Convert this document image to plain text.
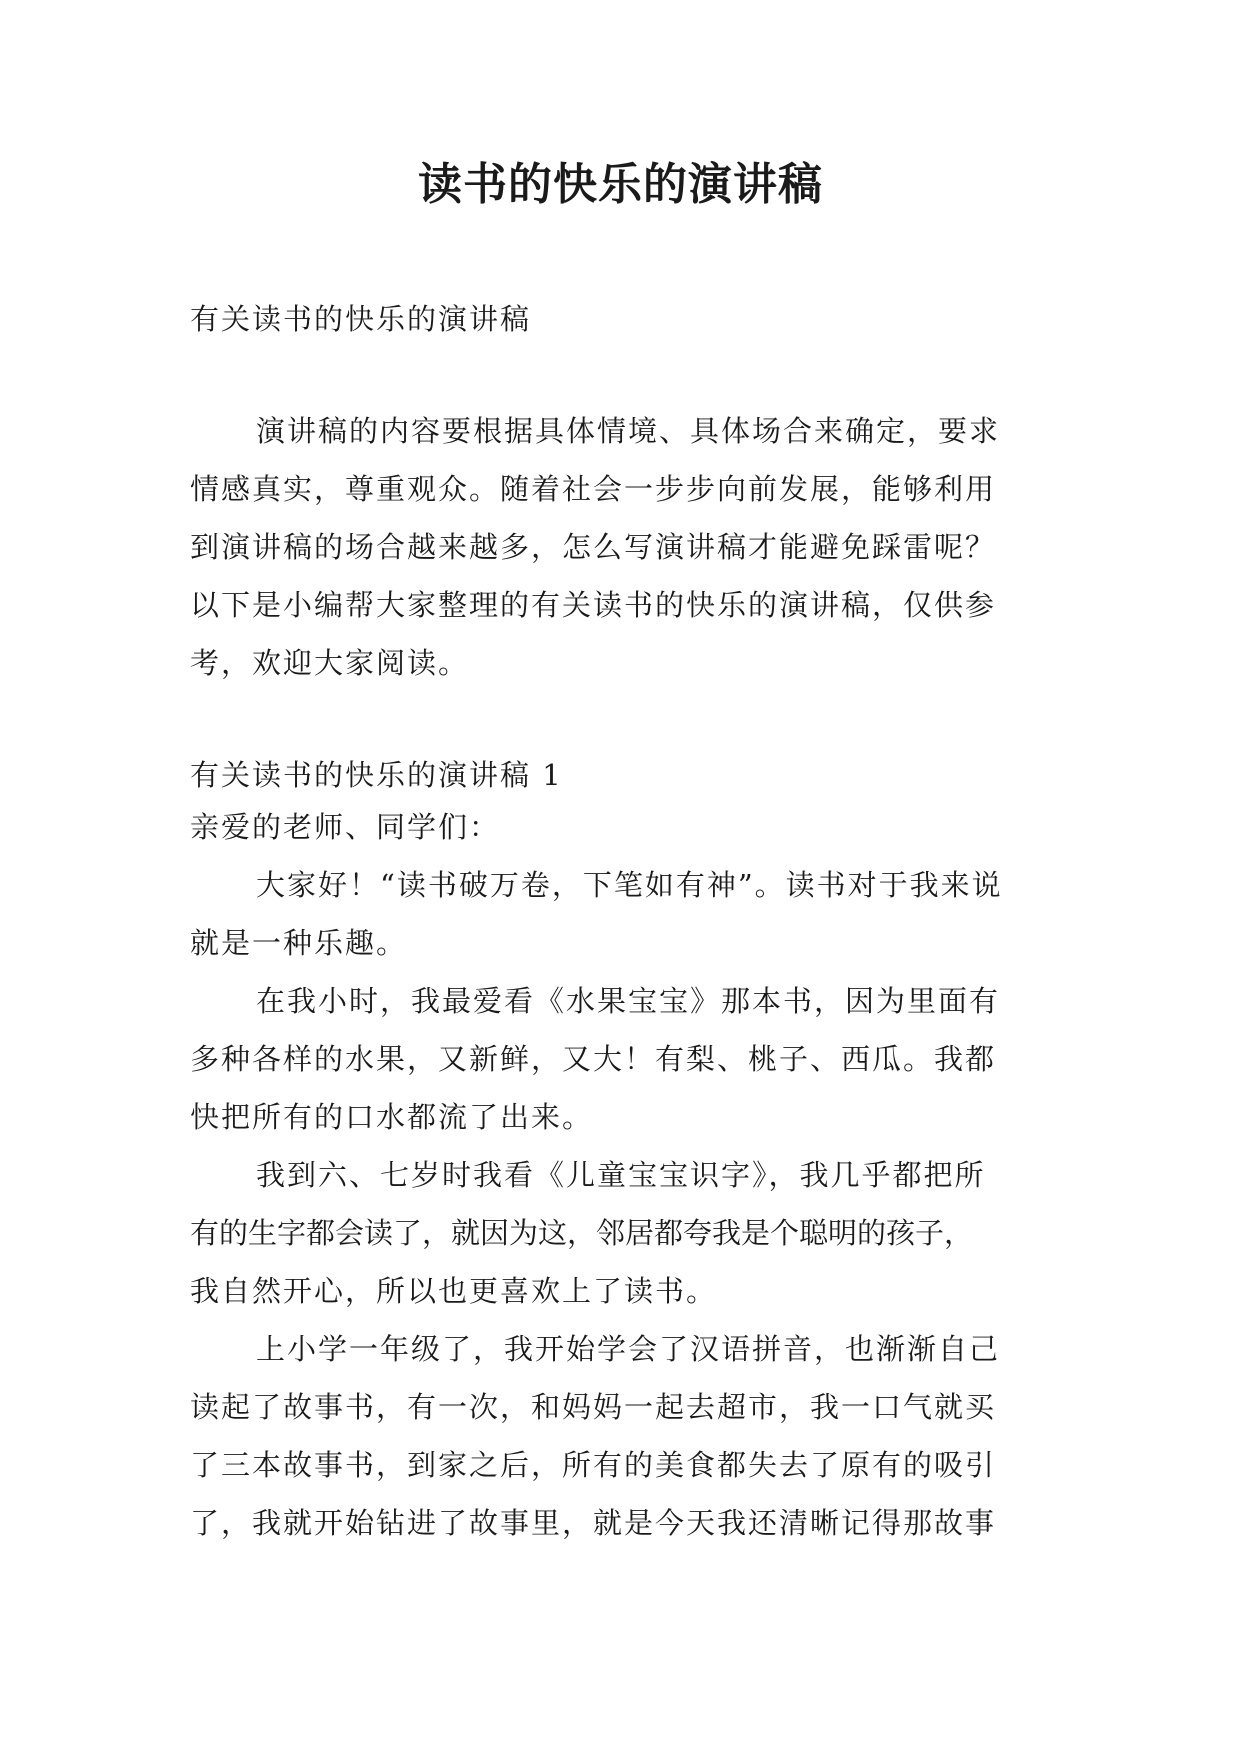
读书的快乐的演讲稿

有关读书的快乐的演讲稿

演讲稿的内容要根据具体情境、具体场合来确定，要求

情感真实，尊重观众。随着社会一步步向前发展，能够利用

到演讲稿的场合越来越多，怎么写演讲稿才能避免踩雷呢？

以下是小编帮大家整理的有关读书的快乐的演讲稿，仅供参

考，欢迎大家阅读。

有关读书的快乐的演讲稿 1

亲爱的老师、同学们：

大家好！“读书破万卷，下笔如有神”。读书对于我来说

就是一种乐趣。

在我小时，我最爱看《水果宝宝》那本书，因为里面有

多种各样的水果，又新鲜，又大！有梨、桃子、西瓜。我都

快把所有的口水都流了出来。

我到六、七岁时我看《儿童宝宝识字》，我几乎都把所

有的生字都会读了，就因为这，邻居都夸我是个聪明的孩子，

我自然开心，所以也更喜欢上了读书。

上小学一年级了，我开始学会了汉语拼音，也渐渐自己

读起了故事书，有一次，和妈妈一起去超市，我一口气就买

了三本故事书，到家之后，所有的美食都失去了原有的吸引

了，我就开始钻进了故事里，就是今天我还清晰记得那故事
